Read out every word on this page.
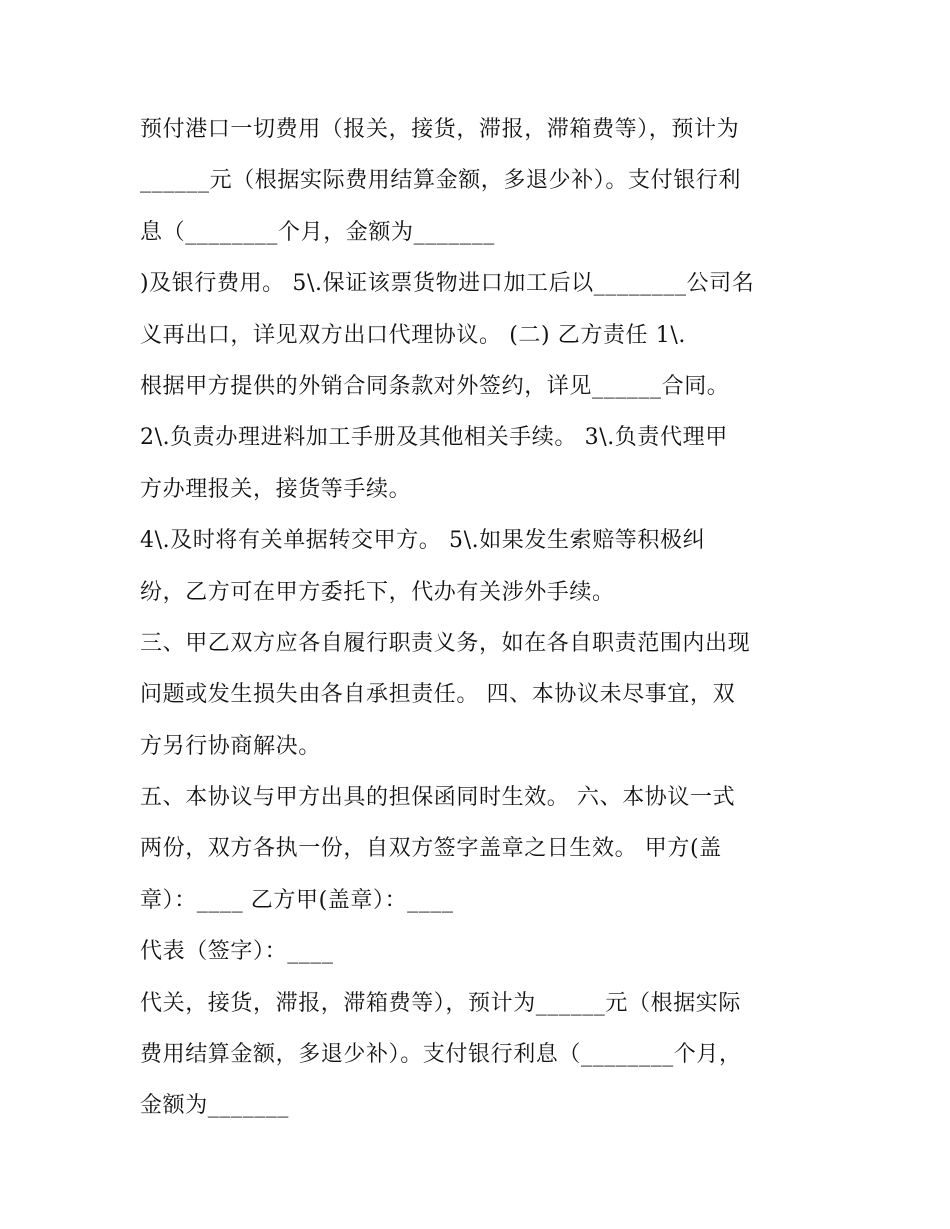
预付港口一切费用（报关，接货，滞报，滞箱费等），预计为
______元（根据实际费用结算金额，多退少补）。支付银行利
息（________个月，金额为_______
)及银行费用。 5\.保证该票货物进口加工后以________公司名
义再出口，详见双方出口代理协议。 (二) 乙方责任 1\.
根据甲方提供的外销合同条款对外签约，详见______合同。
2\.负责办理进料加工手册及其他相关手续。 3\.负责代理甲
方办理报关，接货等手续。
4\.及时将有关单据转交甲方。 5\.如果发生索赔等积极纠
纷，乙方可在甲方委托下，代办有关涉外手续。
三、甲乙双方应各自履行职责义务，如在各自职责范围内出现
问题或发生损失由各自承担责任。 四、本协议未尽事宜，双
方另行协商解决。
五、本协议与甲方出具的担保函同时生效。 六、本协议一式
两份，双方各执一份，自双方签字盖章之日生效。 甲方(盖
章）：____ 乙方甲(盖章）：____
代表（签字）：____
代关，接货，滞报，滞箱费等），预计为______元（根据实际
费用结算金额，多退少补）。支付银行利息（________个月，
金额为_______
